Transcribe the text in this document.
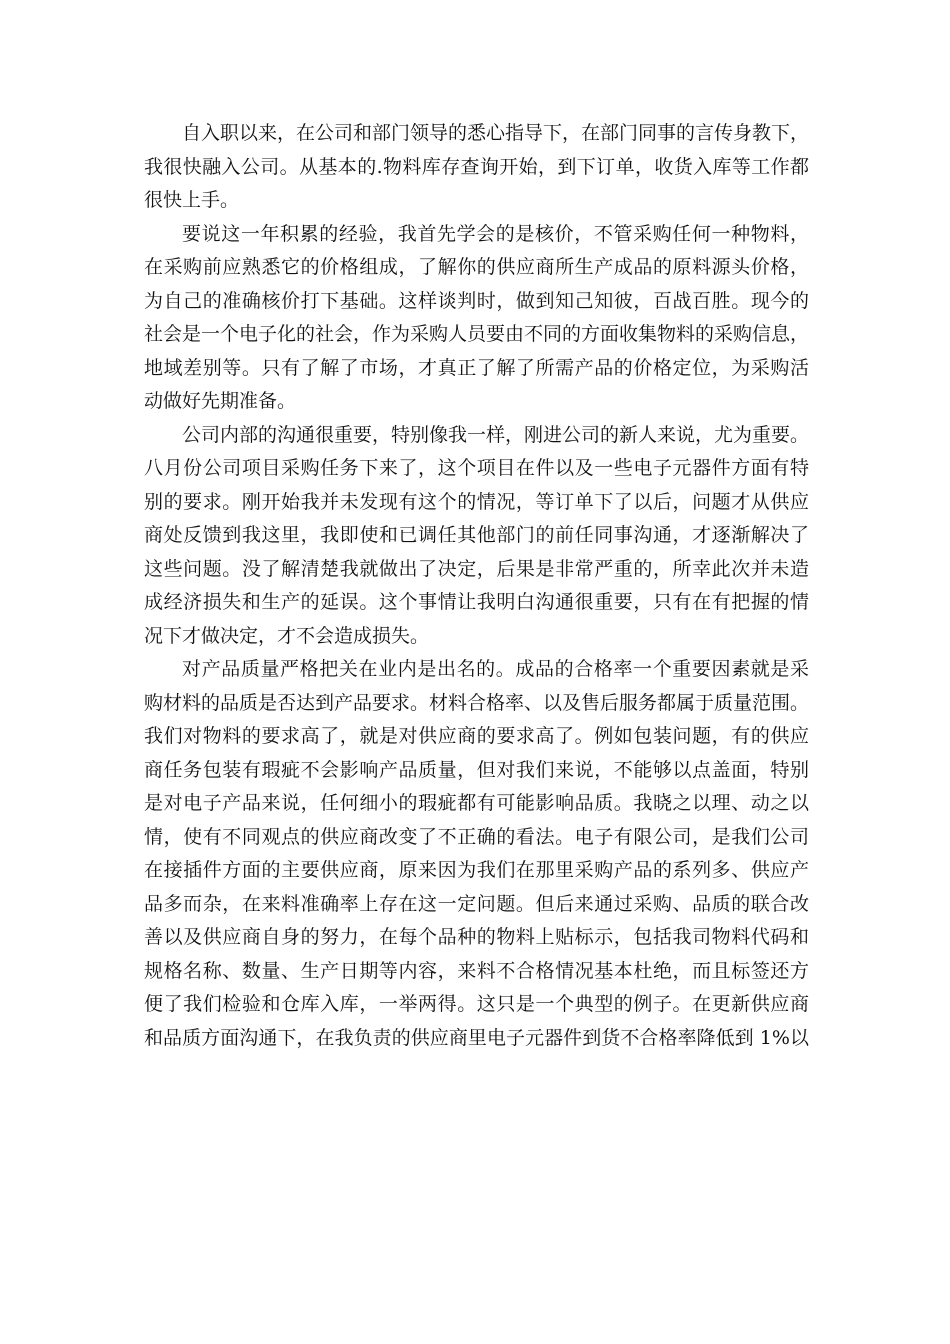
自入职以来，在公司和部门领导的悉心指导下，在部门同事的言传身教下，
我很快融入公司。从基本的.物料库存查询开始，到下订单，收货入库等工作都
很快上手。
要说这一年积累的经验，我首先学会的是核价，不管采购任何一种物料，
在采购前应熟悉它的价格组成，了解你的供应商所生产成品的原料源头价格，
为自己的准确核价打下基础。这样谈判时，做到知己知彼，百战百胜。现今的
社会是一个电子化的社会，作为采购人员要由不同的方面收集物料的采购信息，
地域差别等。只有了解了市场，才真正了解了所需产品的价格定位，为采购活
动做好先期准备。
公司内部的沟通很重要，特别像我一样，刚进公司的新人来说，尤为重要。
八月份公司项目采购任务下来了，这个项目在件以及一些电子元器件方面有特
别的要求。刚开始我并未发现有这个的情况，等订单下了以后，问题才从供应
商处反馈到我这里，我即使和已调任其他部门的前任同事沟通，才逐渐解决了
这些问题。没了解清楚我就做出了决定，后果是非常严重的，所幸此次并未造
成经济损失和生产的延误。这个事情让我明白沟通很重要，只有在有把握的情
况下才做决定，才不会造成损失。
对产品质量严格把关在业内是出名的。成品的合格率一个重要因素就是采
购材料的品质是否达到产品要求。材料合格率、以及售后服务都属于质量范围。
我们对物料的要求高了，就是对供应商的要求高了。例如包装问题，有的供应
商任务包装有瑕疵不会影响产品质量，但对我们来说，不能够以点盖面，特别
是对电子产品来说，任何细小的瑕疵都有可能影响品质。我晓之以理、动之以
情，使有不同观点的供应商改变了不正确的看法。电子有限公司，是我们公司
在接插件方面的主要供应商，原来因为我们在那里采购产品的系列多、供应产
品多而杂，在来料准确率上存在这一定问题。但后来通过采购、品质的联合改
善以及供应商自身的努力，在每个品种的物料上贴标示，包括我司物料代码和
规格名称、数量、生产日期等内容，来料不合格情况基本杜绝，而且标签还方
便了我们检验和仓库入库，一举两得。这只是一个典型的例子。在更新供应商
和品质方面沟通下，在我负责的供应商里电子元器件到货不合格率降低到 1%以
